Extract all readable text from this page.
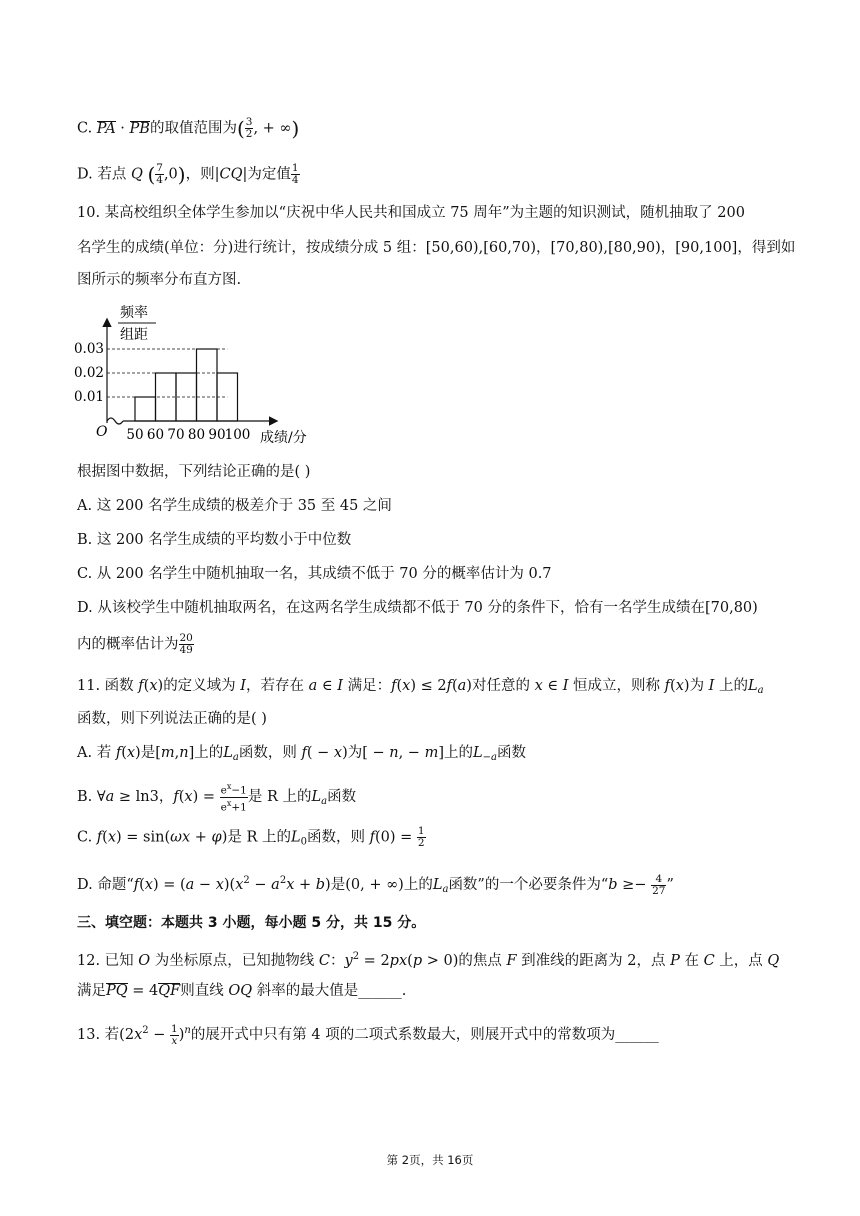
C. PA · PB的取值范围为( $\frac{3}{2}$ , + ∞)
D. 若点 Q ( $\frac{7}{4} ,0$)，则|CQ|为定值 $\frac{1}{4}$
10. 某高校组织全体学生参加以“庆祝中华人民共和国成立 75 周年”为主题的知识测试，随机抽取了 200
名学生的成绩(单位：分)进行统计，按成绩分成 5 组：[50,60),[60,70)，[70,80),[80,90)，[90,100]，得到如
图所示的频率分布直方图.
频率
组距
0.03
0.02
0.01
50 60 70 80 90 100
O	成绩/分
根据图中数据，下列结论正确的是( )
A. 这 200 名学生成绩的极差介于 35 至 45 之间
B. 这 200 名学生成绩的平均数小于中位数
C. 从 200 名学生中随机抽取一名，其成绩不低于 70 分的概率估计为 0.7
D. 从该校学生中随机抽取两名，在这两名学生成绩都不低于 70 分的条件下，恰有一名学生成绩在[70,80)
内的概率估计为 $\frac{20}{49}$
11. 函数 f(x)的定义域为 I，若存在 a ∈ I 满足：f(x) ≤ 2f(a)对任意的 x ∈ I 恒成立，则称 f(x)为 I 上的$L_a$
函数，则下列说法正确的是( )
A. 若 f(x)是[m,n]上的$L_a$函数，则 f( − x)为[ − n, − m]上的$L_{-a}$函数
B. ∀a ≥ ln3，$f(x) = \frac{e^x-1}{e^x+1}$ 是 R 上的$L_a$函数
C. f(x) = sin(ωx + φ)是 R 上的$L_0$函数，则 $f(0) = \frac{1}{2}$
D. 命题“$f(x) = (a - x)(x^2 - a^2x + b)$是(0, + ∞)上的$L_a$函数”的一个必要条件为“$b \ge- \frac{4}{27}$ ”
三、填空题：本题共 3 小题，每小题 5 分，共 15 分。
12. 已知 O 为坐标原点，已知抛物线 C：$y^2 = 2px(p > 0)$的焦点 F 到准线的距离为 2，点 P 在 C 上，点 Q
满足PQ = 4QF则直线 OQ 斜率的最大值是______.
13. 若$(2x^2 - \frac{1}{x} )^n$的展开式中只有第 4 项的二项式系数最大，则展开式中的常数项为______
第 2页，共 16页
